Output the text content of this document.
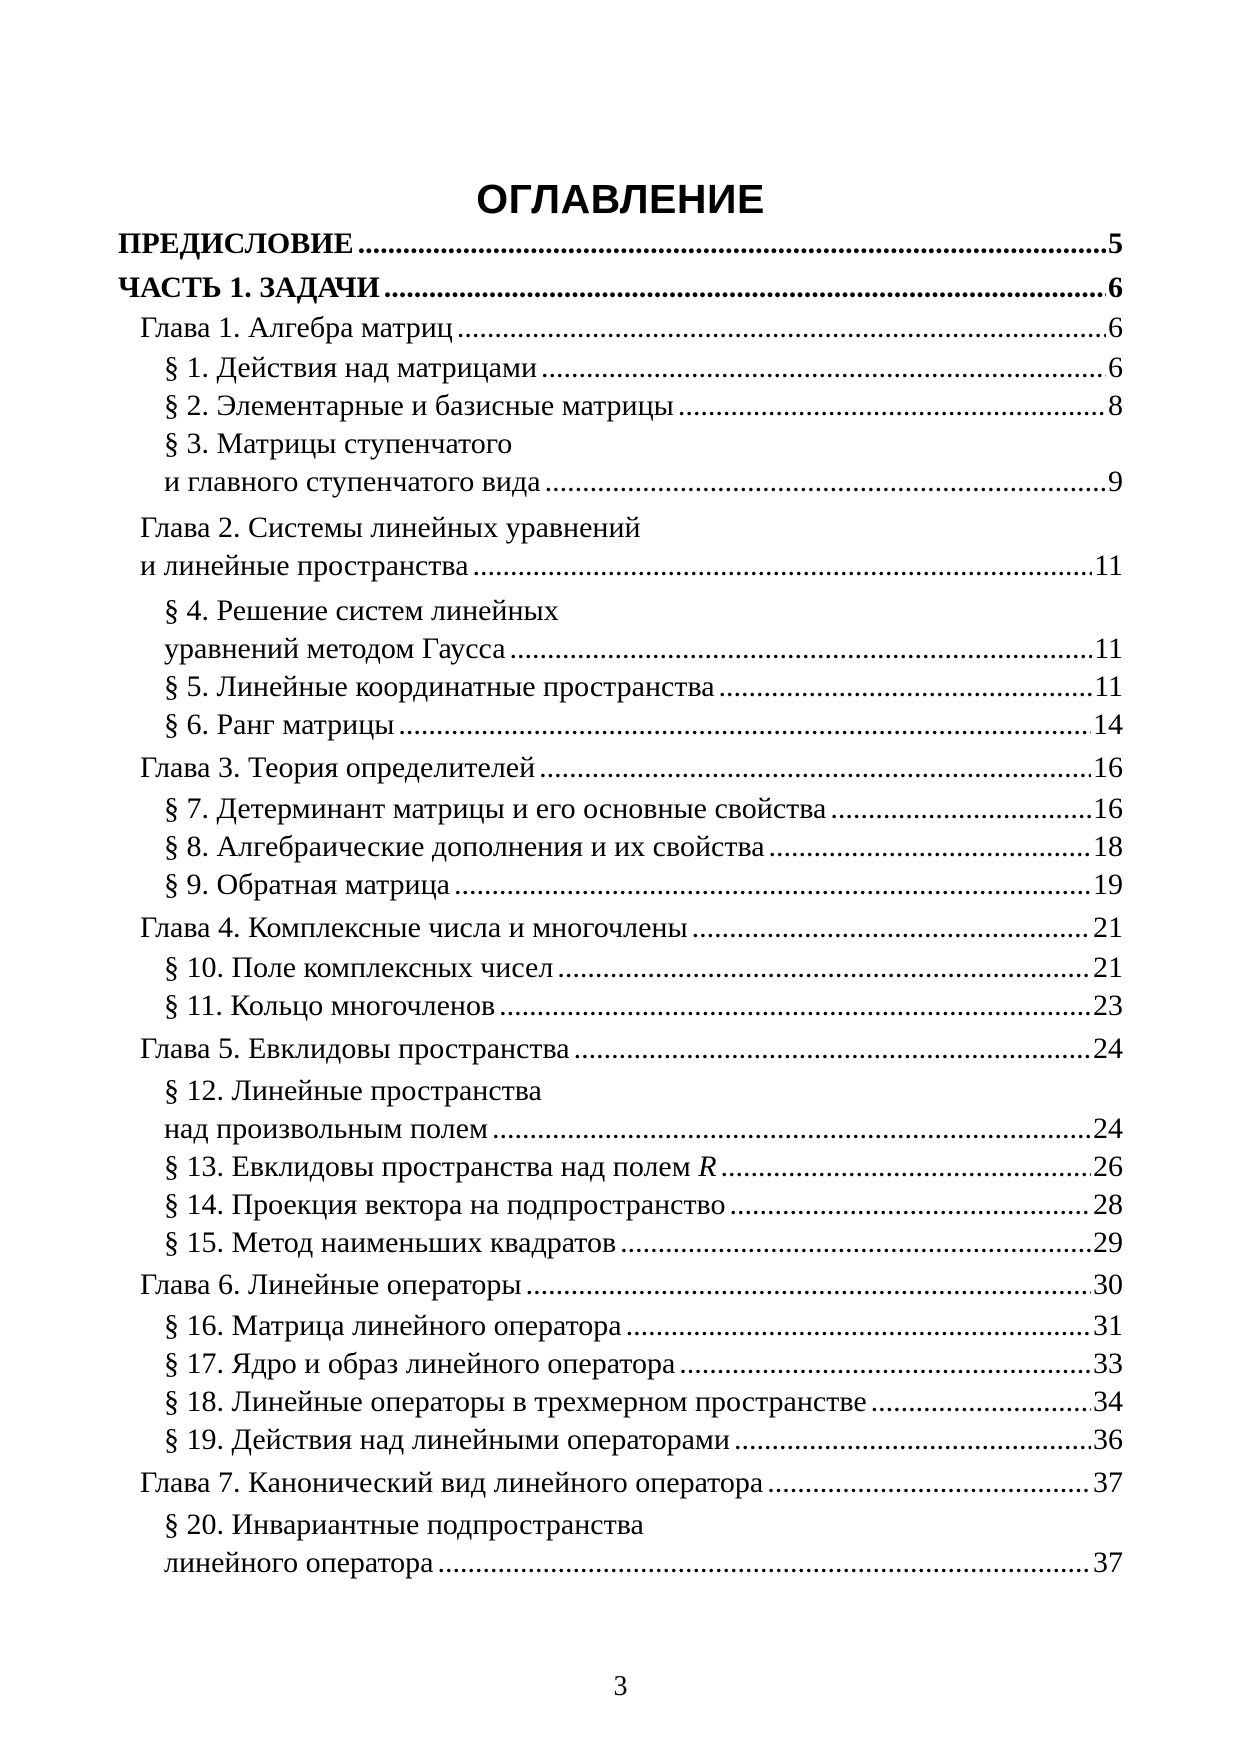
ОГЛАВЛЕНИЕ
ПРЕДИСЛОВИЕ .....	5
ЧАСТЬ 1. ЗАДАЧИ .....	6
Глава 1. Алгебра матриц .....	6
§ 1. Действия над матрицами .....	6
§ 2. Элементарные и базисные матрицы .....	8
§ 3. Матрицы ступенчатого
и главного ступенчатого вида .....	9
Глава 2. Системы линейных уравнений
и линейные пространства .....	11
§ 4. Решение систем линейных
уравнений методом Гаусса .....	11
§ 5. Линейные координатные пространства .....	11
§ 6. Ранг матрицы .....	14
Глава 3. Теория определителей .....	16
§ 7. Детерминант матрицы и его основные свойства .....	16
§ 8. Алгебраические дополнения и их свойства .....	18
§ 9. Обратная матрица .....	19
Глава 4. Комплексные числа и многочлены .....	21
§ 10. Поле комплексных чисел .....	21
§ 11. Кольцо многочленов .....	23
Глава 5. Евклидовы пространства .....	24
§ 12. Линейные пространства
над произвольным полем .....	24
§ 13. Евклидовы пространства над полем R .....	26
§ 14. Проекция вектора на подпространство .....	28
§ 15. Метод наименьших квадратов .....	29
Глава 6. Линейные операторы .....	30
§ 16. Матрица линейного оператора .....	31
§ 17. Ядро и образ линейного оператора .....	33
§ 18. Линейные операторы в трехмерном пространстве .....	34
§ 19. Действия над линейными операторами .....	36
Глава 7. Канонический вид линейного оператора .....	37
§ 20. Инвариантные подпространства
линейного оператора .....	37
3
